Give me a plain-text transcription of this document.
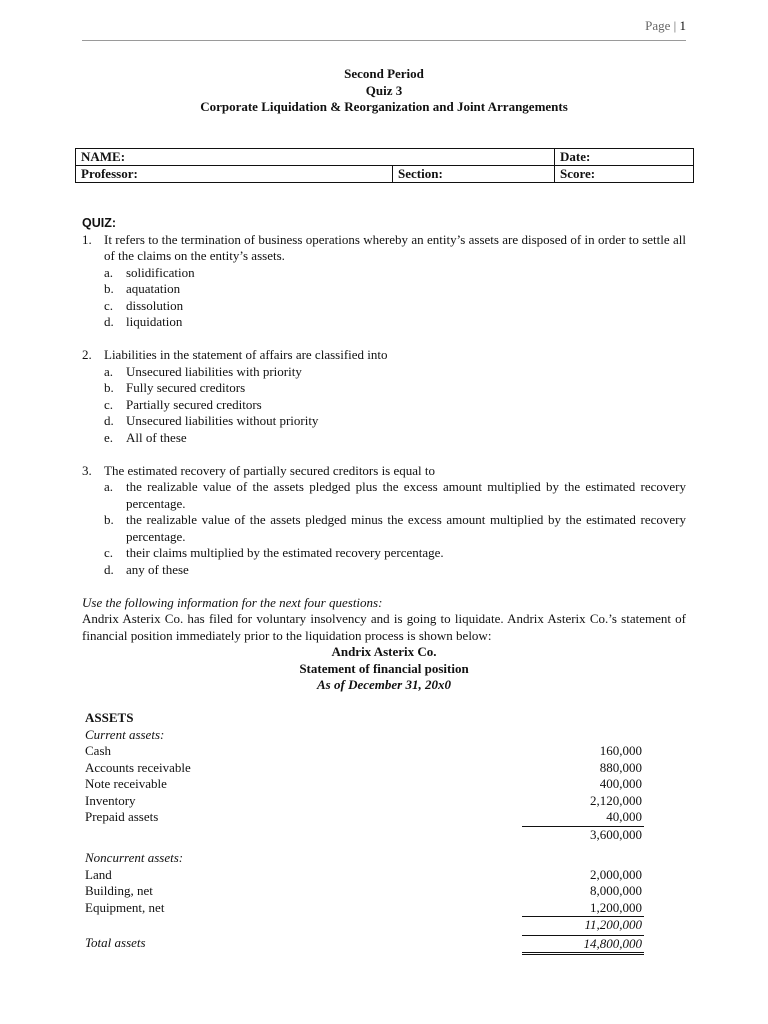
Page | 1
Second Period
Quiz 3
Corporate Liquidation & Reorganization and Joint Arrangements
NAME:		Date:
Professor:	Section:	Score:
QUIZ:
1. It refers to the termination of business operations whereby an entity’s assets are disposed of in order to settle all of the claims on the entity’s assets.
a. solidification
b. aquatation
c. dissolution
d. liquidation
2. Liabilities in the statement of affairs are classified into
a. Unsecured liabilities with priority
b. Fully secured creditors
c. Partially secured creditors
d. Unsecured liabilities without priority
e. All of these
3. The estimated recovery of partially secured creditors is equal to
a. the realizable value of the assets pledged plus the excess amount multiplied by the estimated recovery percentage.
b. the realizable value of the assets pledged minus the excess amount multiplied by the estimated recovery percentage.
c. their claims multiplied by the estimated recovery percentage.
d. any of these
Use the following information for the next four questions:
Andrix Asterix Co. has filed for voluntary insolvency and is going to liquidate. Andrix Asterix Co.’s statement of financial position immediately prior to the liquidation process is shown below:
Andrix Asterix Co.
Statement of financial position
As of December 31, 20x0
ASSETS
Current assets:
Cash	160,000
Accounts receivable	880,000
Note receivable	400,000
Inventory	2,120,000
Prepaid assets	40,000
3,600,000
Noncurrent assets:
Land	2,000,000
Building, net	8,000,000
Equipment, net	1,200,000
11,200,000
Total assets	14,800,000
